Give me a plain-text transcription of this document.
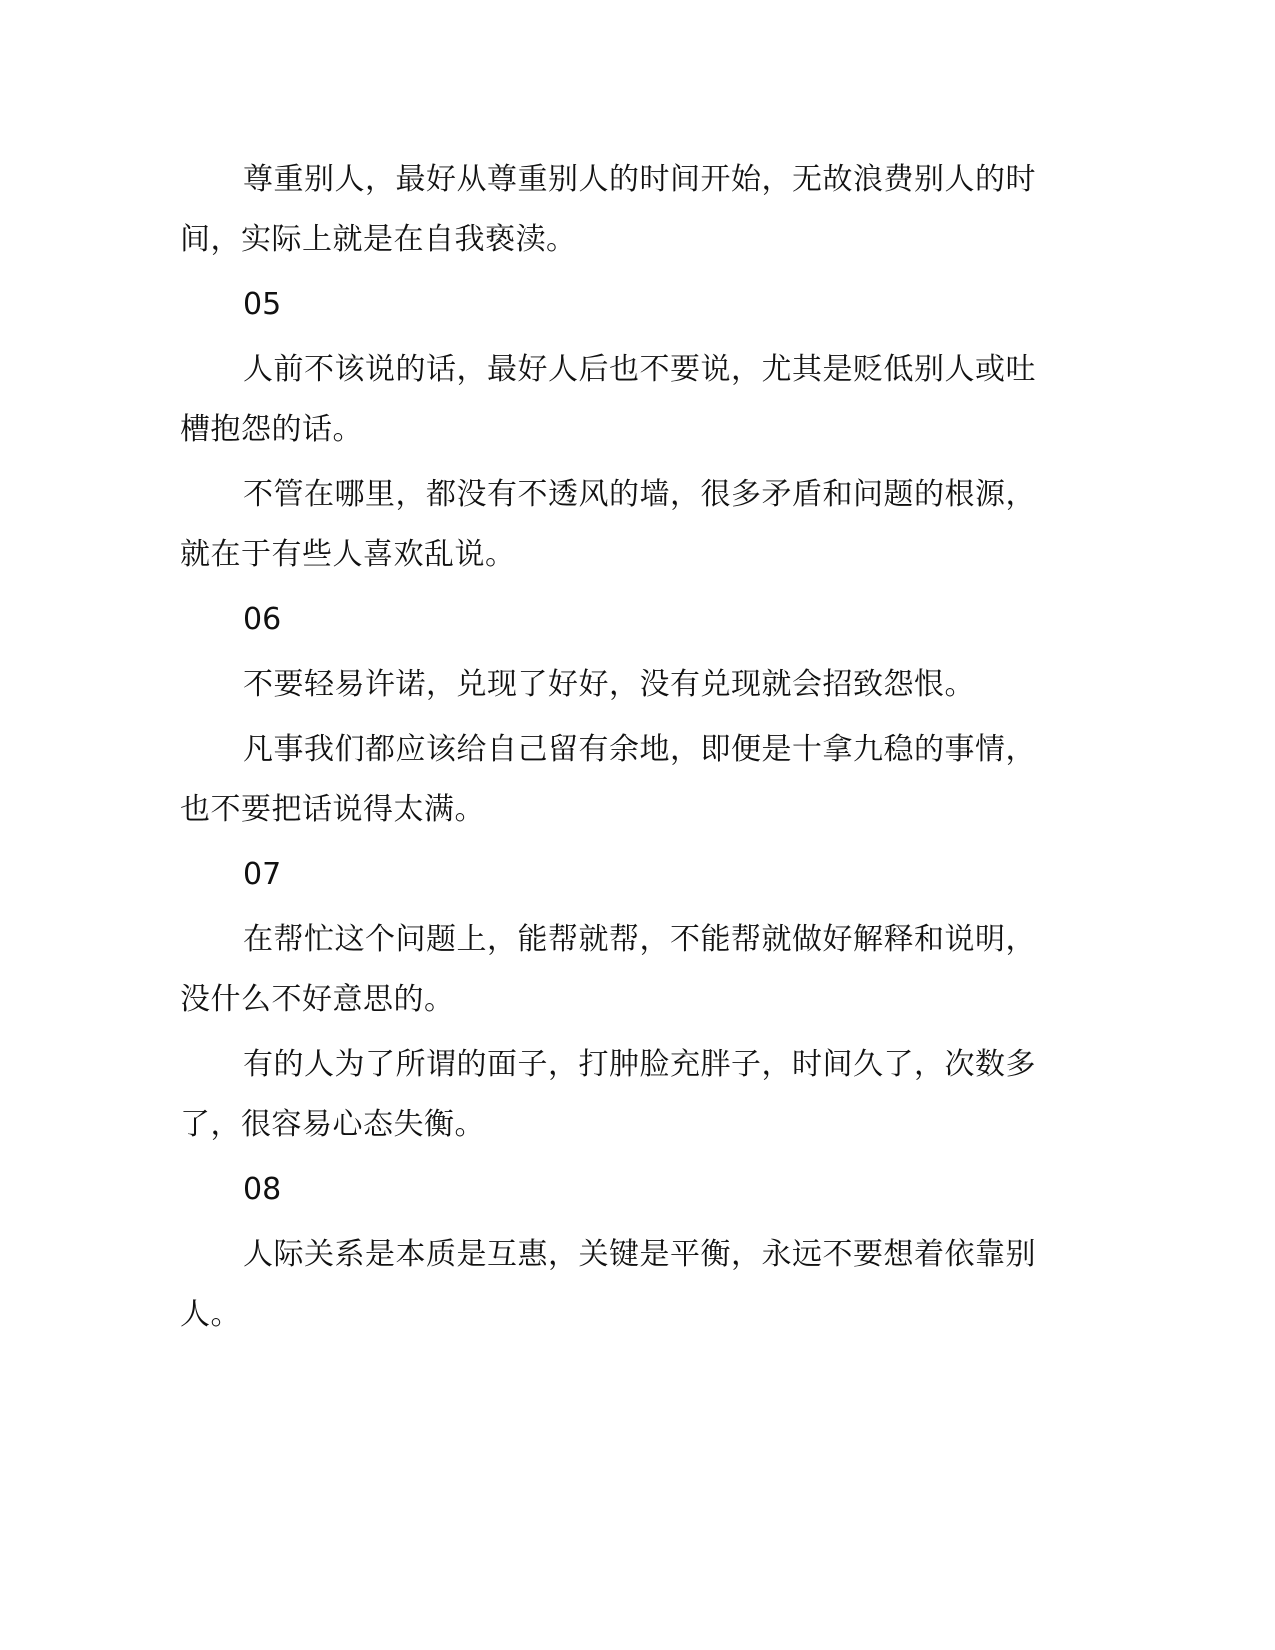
尊重别人，最好从尊重别人的时间开始，无故浪费别人的时间，实际上就是在自我亵渎。

05

人前不该说的话，最好人后也不要说，尤其是贬低别人或吐槽抱怨的话。

不管在哪里，都没有不透风的墙，很多矛盾和问题的根源，就在于有些人喜欢乱说。

06

不要轻易许诺，兑现了好好，没有兑现就会招致怨恨。

凡事我们都应该给自己留有余地，即便是十拿九稳的事情，也不要把话说得太满。

07

在帮忙这个问题上，能帮就帮，不能帮就做好解释和说明，没什么不好意思的。

有的人为了所谓的面子，打肿脸充胖子，时间久了，次数多了，很容易心态失衡。

08

人际关系是本质是互惠，关键是平衡，永远不要想着依靠别人。
